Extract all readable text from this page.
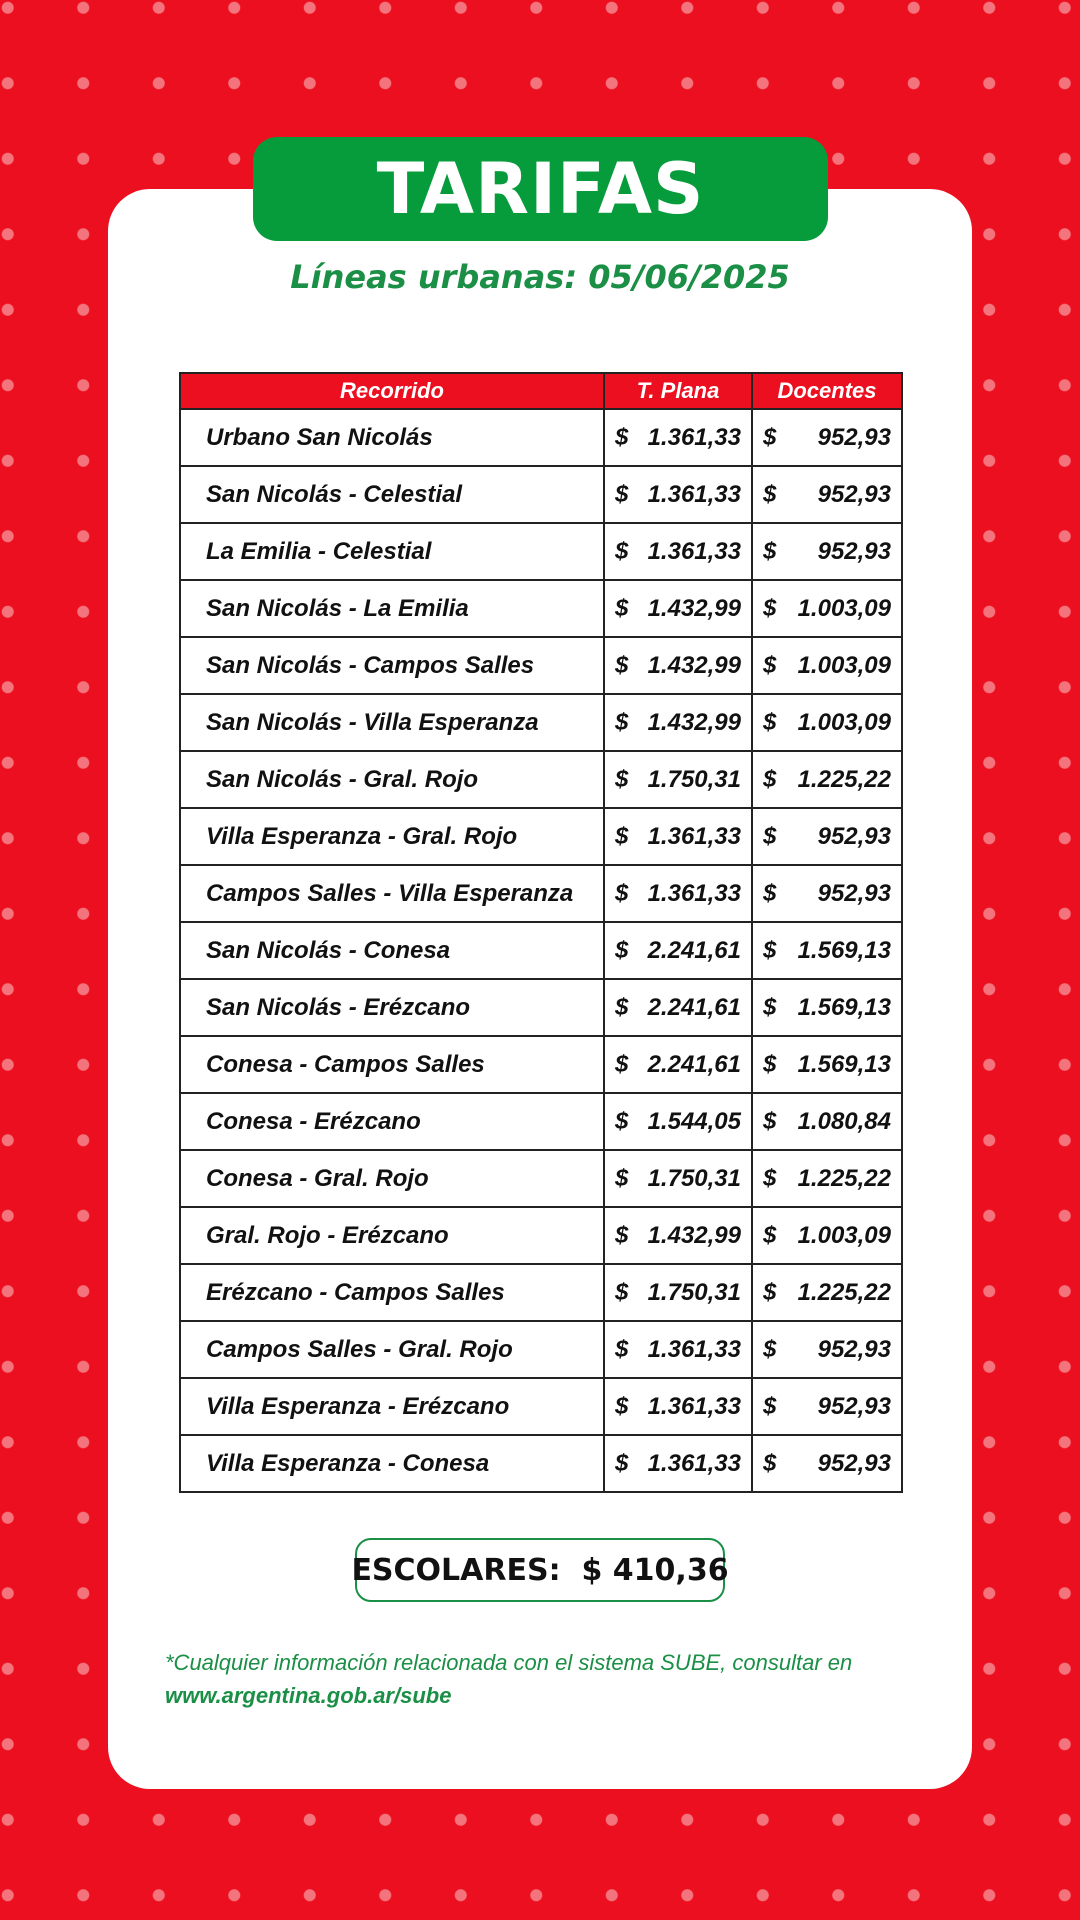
TARIFAS
Líneas urbanas: 05/06/2025
Recorrido	T. Plana	Docentes
Urbano San Nicolás	$ 1.361,33	$ 952,93

San Nicolás - Celestial	$ 1.361,33	$ 952,93

La Emilia - Celestial	$ 1.361,33	$ 952,93

San Nicolás - La Emilia	$ 1.432,99	$ 1.003,09

San Nicolás - Campos Salles	$ 1.432,99	$ 1.003,09

San Nicolás - Villa Esperanza	$ 1.432,99	$ 1.003,09

San Nicolás - Gral. Rojo	$ 1.750,31	$ 1.225,22

Villa Esperanza - Gral. Rojo	$ 1.361,33	$ 952,93

Campos Salles - Villa Esperanza	$ 1.361,33	$ 952,93

San Nicolás - Conesa	$ 2.241,61	$ 1.569,13

San Nicolás - Erézcano	$ 2.241,61	$ 1.569,13

Conesa - Campos Salles	$ 2.241,61	$ 1.569,13

Conesa - Erézcano	$ 1.544,05	$ 1.080,84

Conesa - Gral. Rojo	$ 1.750,31	$ 1.225,22

Gral. Rojo - Erézcano	$ 1.432,99	$ 1.003,09

Erézcano - Campos Salles	$ 1.750,31	$ 1.225,22

Campos Salles - Gral. Rojo	$ 1.361,33	$ 952,93

Villa Esperanza - Erézcano	$ 1.361,33	$ 952,93

Villa Esperanza - Conesa	$ 1.361,33	$ 952,93
ESCOLARES:  $ 410,36
*Cualquier información relacionada con el sistema SUBE, consultar en
www.argentina.gob.ar/sube
